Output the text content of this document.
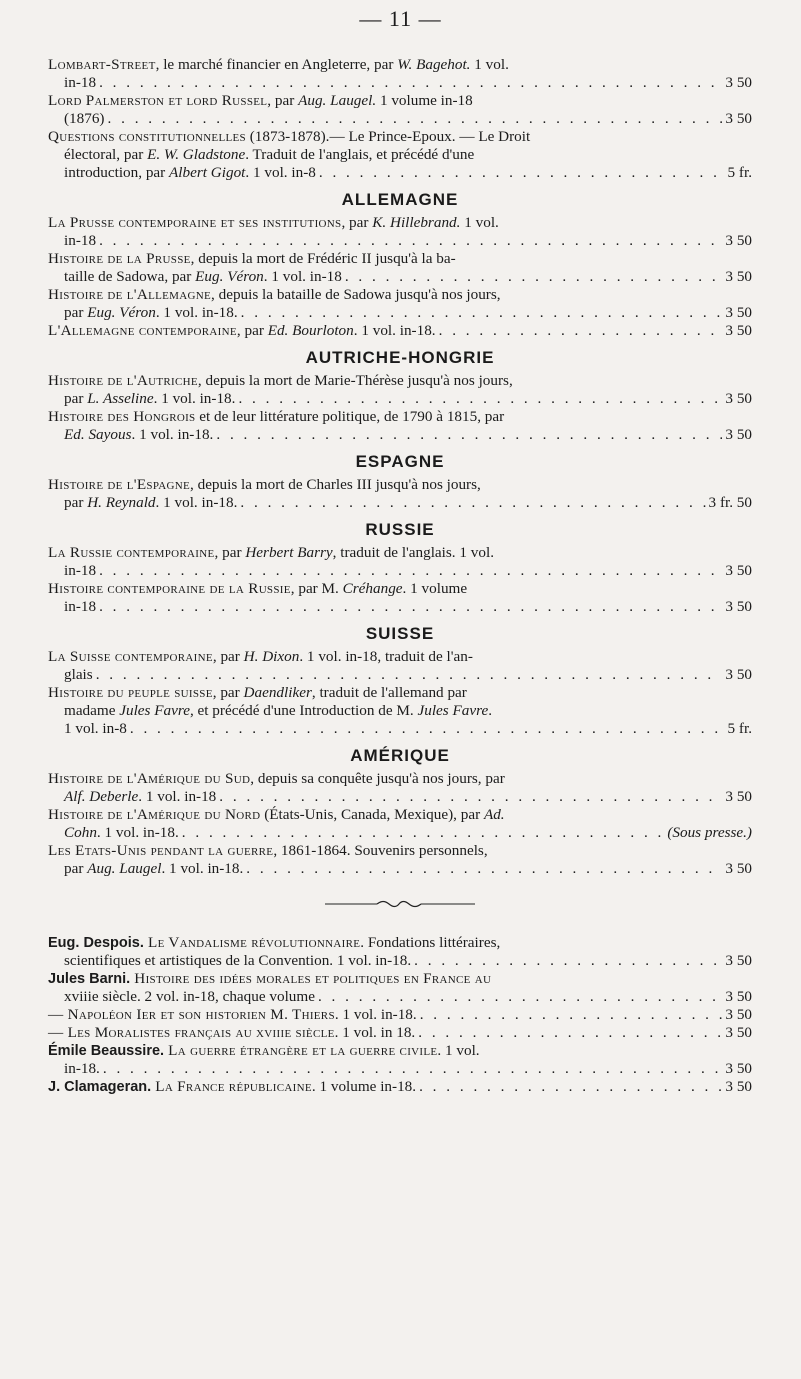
— 11 —

Lombart-Street, le marché financier en Angleterre, par W. Bagehot. 1 vol.

in-18 . . .	3 50

Lord Palmerston et lord Russel, par Aug. Laugel. 1 volume in-18

(1876) . . .	3 50

Questions constitutionnelles (1873-1878).— Le Prince-Epoux. — Le Droit

électoral, par E. W. Gladstone. Traduit de l'anglais, et précédé d'une

introduction, par Albert Gigot. 1 vol. in-8 . . .	5 fr.
ALLEMAGNE

La Prusse contemporaine et ses institutions, par K. Hillebrand. 1 vol.

in-18 . . .	3 50

Histoire de la Prusse, depuis la mort de Frédéric II jusqu'à la ba-

taille de Sadowa, par Eug. Véron. 1 vol. in-18 . . .	3 50

Histoire de l'Allemagne, depuis la bataille de Sadowa jusqu'à nos jours,

par Eug. Véron. 1 vol. in-18. . . .	3 50
L'Allemagne contemporaine, par Ed. Bourloton. 1 vol. in-18. . . .	3 50
AUTRICHE-HONGRIE

Histoire de l'Autriche, depuis la mort de Marie-Thérèse jusqu'à nos jours,

par L. Asseline. 1 vol. in-18. . . .	3 50

Histoire des Hongrois et de leur littérature politique, de 1790 à 1815, par

Ed. Sayous. 1 vol. in-18. . . .	3 50
ESPAGNE

Histoire de l'Espagne, depuis la mort de Charles III jusqu'à nos jours,

par H. Reynald. 1 vol. in-18. . . .	3 fr. 50
RUSSIE

La Russie contemporaine, par Herbert Barry, traduit de l'anglais. 1 vol.

in-18 . . .	3 50

Histoire contemporaine de la Russie, par M. Créhange. 1 volume

in-18 . . .	3 50
SUISSE

La Suisse contemporaine, par H. Dixon. 1 vol. in-18, traduit de l'an-

glais . . .	3 50

Histoire du peuple suisse, par Daendliker, traduit de l'allemand par

madame Jules Favre, et précédé d'une Introduction de M. Jules Favre.

1 vol. in-8 . . .	5 fr.
AMÉRIQUE

Histoire de l'Amérique du Sud, depuis sa conquête jusqu'à nos jours, par

Alf. Deberle. 1 vol. in-18 . . .	3 50

Histoire de l'Amérique du Nord (États-Unis, Canada, Mexique), par Ad.

Cohn. 1 vol. in-18. . . .	(Sous presse.)

Les Etats-Unis pendant la guerre, 1861-1864. Souvenirs personnels,

par Aug. Laugel. 1 vol. in-18. . . .	3 50

Eug. Despois. Le Vandalisme révolutionnaire. Fondations littéraires,

scientifiques et artistiques de la Convention. 1 vol. in-18. . . .	3 50

Jules Barni. Histoire des idées morales et politiques en France au

xviiie siècle. 2 vol. in-18, chaque volume . . .	3 50
— Napoléon Ier et son historien M. Thiers. 1 vol. in-18. . . .	3 50
— Les Moralistes français au xviiie siècle. 1 vol. in 18. . . .	3 50

Émile Beaussire. La guerre étrangère et la guerre civile. 1 vol.

in-18. . . .	3 50
J. Clamageran. La France républicaine. 1 volume in-18. . . .	3 50
